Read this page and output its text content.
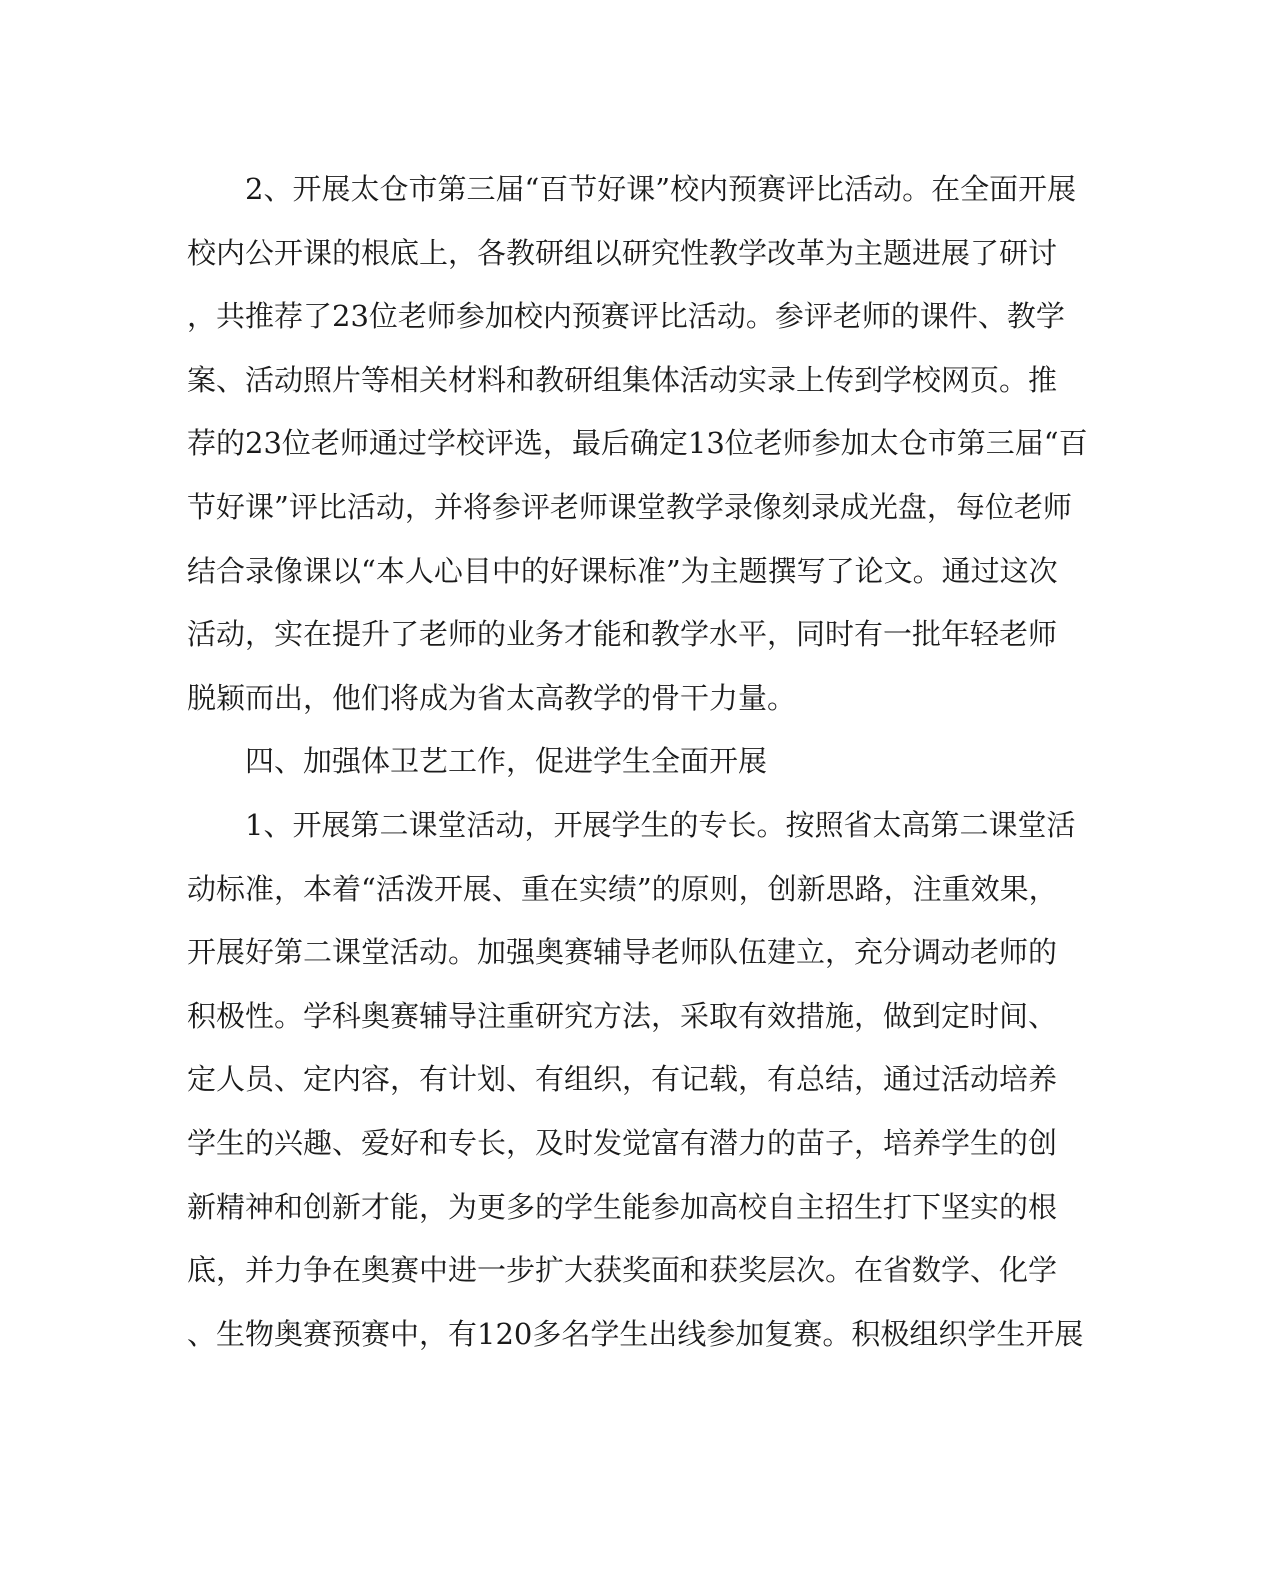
2、开展太仓市第三届“百节好课”校内预赛评比活动。在全面开展
校内公开课的根底上，各教研组以研究性教学改革为主题进展了研讨
，共推荐了23位老师参加校内预赛评比活动。参评老师的课件、教学
案、活动照片等相关材料和教研组集体活动实录上传到学校网页。推
荐的23位老师通过学校评选，最后确定13位老师参加太仓市第三届“百
节好课”评比活动，并将参评老师课堂教学录像刻录成光盘，每位老师
结合录像课以“本人心目中的好课标准”为主题撰写了论文。通过这次
活动，实在提升了老师的业务才能和教学水平，同时有一批年轻老师
脱颖而出，他们将成为省太高教学的骨干力量。
四、加强体卫艺工作，促进学生全面开展
1、开展第二课堂活动，开展学生的专长。按照省太高第二课堂活
动标准，本着“活泼开展、重在实绩”的原则，创新思路，注重效果，
开展好第二课堂活动。加强奥赛辅导老师队伍建立，充分调动老师的
积极性。学科奥赛辅导注重研究方法，采取有效措施，做到定时间、
定人员、定内容，有计划、有组织，有记载，有总结，通过活动培养
学生的兴趣、爱好和专长，及时发觉富有潜力的苗子，培养学生的创
新精神和创新才能，为更多的学生能参加高校自主招生打下坚实的根
底，并力争在奥赛中进一步扩大获奖面和获奖层次。在省数学、化学
、生物奥赛预赛中，有120多名学生出线参加复赛。积极组织学生开展
